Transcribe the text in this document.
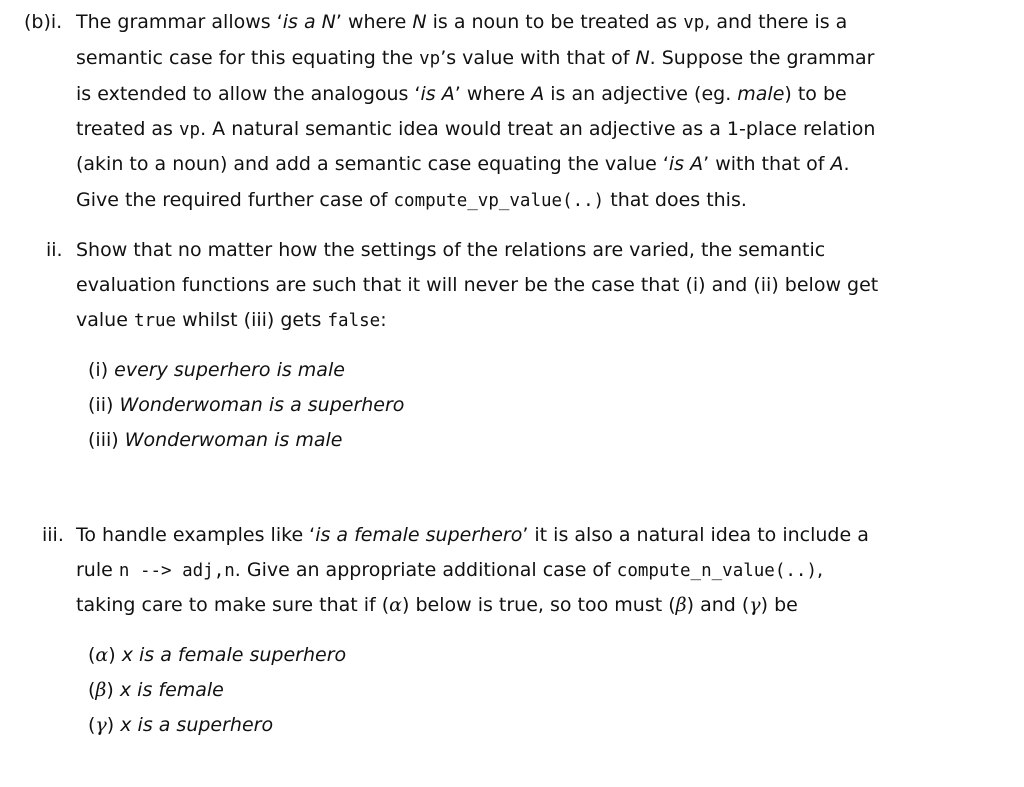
(b)i. The grammar allows ‘is a N’ where N is a noun to be treated as vp, and there is a
semantic case for this equating the vp’s value with that of N. Suppose the grammar
is extended to allow the analogous ‘is A’ where A is an adjective (eg. male) to be
treated as vp. A natural semantic idea would treat an adjective as a 1-place relation
(akin to a noun) and add a semantic case equating the value ‘is A’ with that of A.
Give the required further case of compute_vp_value(..) that does this.
ii. Show that no matter how the settings of the relations are varied, the semantic
evaluation functions are such that it will never be the case that (i) and (ii) below get
value true whilst (iii) gets false:
(i) every superhero is male
(ii) Wonderwoman is a superhero
(iii) Wonderwoman is male
iii. To handle examples like ‘is a female superhero’ it is also a natural idea to include a
rule n --> adj,n. Give an appropriate additional case of compute_n_value(..),
taking care to make sure that if (α) below is true, so too must (β) and (γ) be
(α) x is a female superhero
(β) x is female
(γ) x is a superhero
